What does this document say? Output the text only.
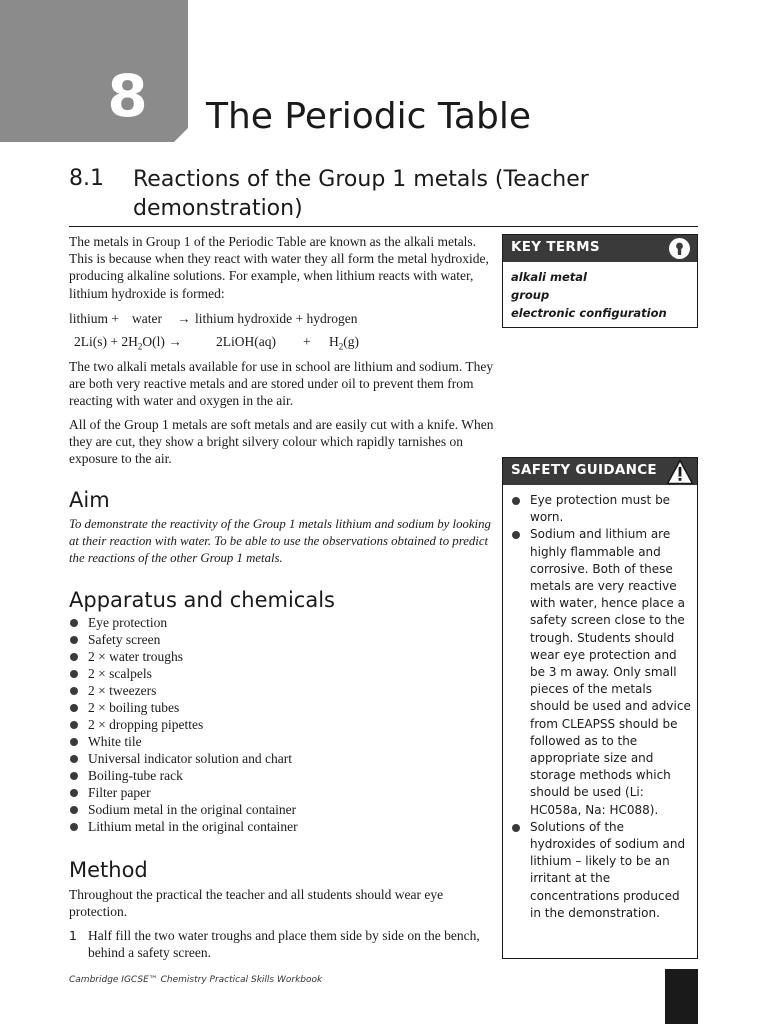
8	The Periodic Table
8.1 Reactions of the Group 1 metals (Teacher demonstration)
The metals in Group 1 of the Periodic Table are known as the alkali metals. This is because when they react with water they all form the metal hydroxide, producing alkaline solutions. For example, when lithium reacts with water, lithium hydroxide is formed:
lithium + water → lithium hydroxide + hydrogen
$2Li(s) + 2H_2O(l)$ →	2LiOH(aq) + $H_2(g)$
The two alkali metals available for use in school are lithium and sodium. They are both very reactive metals and are stored under oil to prevent them from reacting with water and oxygen in the air.
All of the Group 1 metals are soft metals and are easily cut with a knife. When they are cut, they show a bright silvery colour which rapidly tarnishes on exposure to the air.
Aim
To demonstrate the reactivity of the Group 1 metals lithium and sodium by looking at their reaction with water. To be able to use the observations obtained to predict the reactions of the other Group 1 metals.
Apparatus and chemicals
Eye protection
Safety screen
2 × water troughs
2 × scalpels
2 × tweezers
2 × boiling tubes
2 × dropping pipettes
White tile
Universal indicator solution and chart
Boiling-tube rack
Filter paper
Sodium metal in the original container
Lithium metal in the original container
Method
Throughout the practical the teacher and all students should wear eye protection.
1 Half fill the two water troughs and place them side by side on the bench, behind a safety screen.
KEY TERMS
alkali metal
group
electronic configuration
SAFETY GUIDANCE
Eye protection must be worn.
Sodium and lithium are highly flammable and corrosive. Both of these metals are very reactive with water, hence place a safety screen close to the trough. Students should wear eye protection and be 3 m away. Only small pieces of the metals should be used and advice from CLEAPSS should be followed as to the appropriate size and storage methods which should be used (Li: HC058a, Na: HC088).
Solutions of the hydroxides of sodium and lithium – likely to be an irritant at the concentrations produced in the demonstration.
Cambridge IGCSE™ Chemistry Practical Skills Workbook
